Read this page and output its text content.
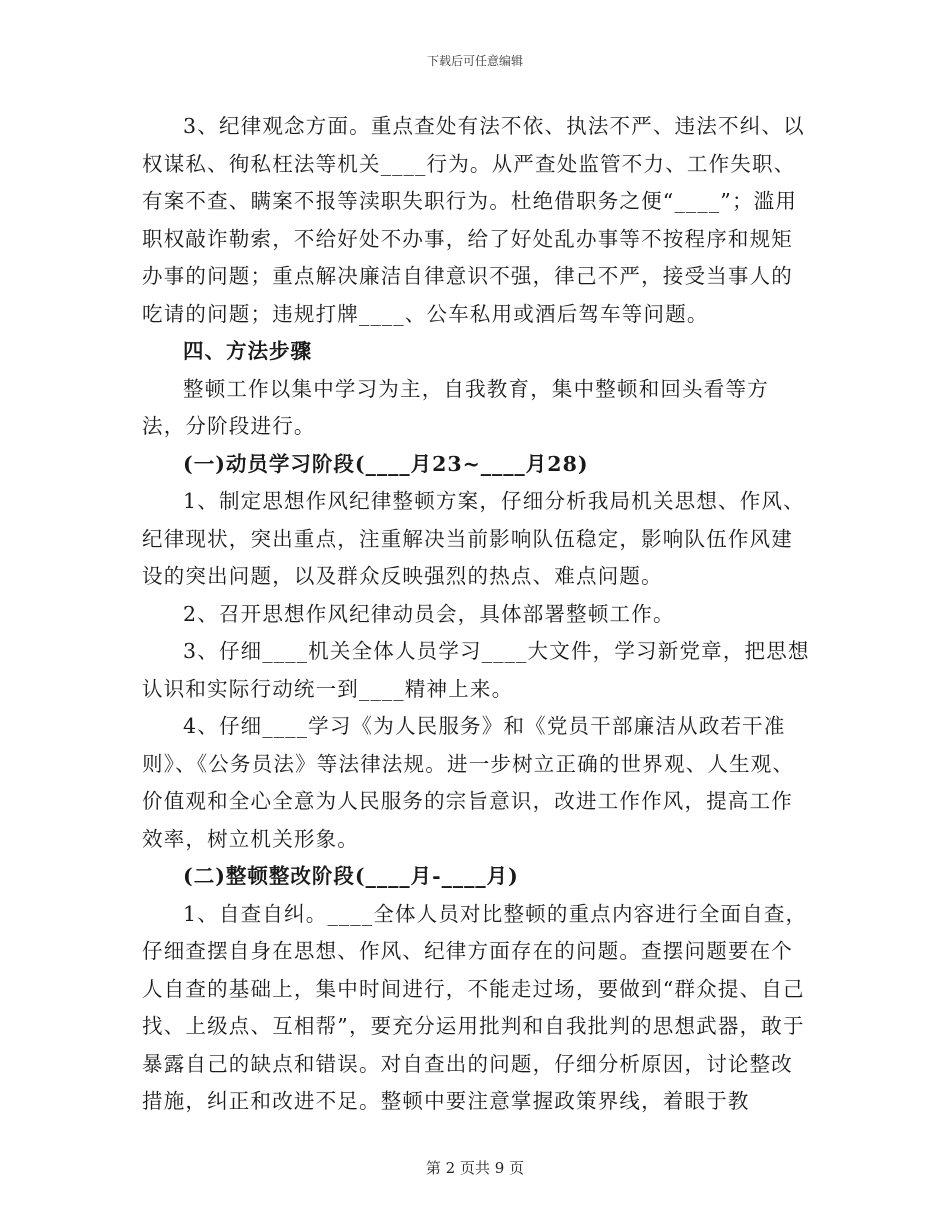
下载后可任意编辑

3、纪律观念方面。重点查处有法不依、执法不严、违法不纠、以权谋私、徇私枉法等机关____行为。从严查处监管不力、工作失职、有案不查、瞒案不报等渎职失职行为。杜绝借职务之便“____”；滥用职权敲诈勒索，不给好处不办事，给了好处乱办事等不按程序和规矩办事的问题；重点解决廉洁自律意识不强，律己不严，接受当事人的吃请的问题；违规打牌____、公车私用或酒后驾车等问题。

四、方法步骤

整顿工作以集中学习为主，自我教育，集中整顿和回头看等方法，分阶段进行。

(一)动员学习阶段(____月23~____月28)

1、制定思想作风纪律整顿方案，仔细分析我局机关思想、作风、纪律现状，突出重点，注重解决当前影响队伍稳定，影响队伍作风建设的突出问题，以及群众反映强烈的热点、难点问题。

2、召开思想作风纪律动员会，具体部署整顿工作。

3、仔细____机关全体人员学习____大文件，学习新党章，把思想认识和实际行动统一到____精神上来。

4、仔细____学习《为人民服务》和《党员干部廉洁从政若干准则》、《公务员法》等法律法规。进一步树立正确的世界观、人生观、价值观和全心全意为人民服务的宗旨意识，改进工作作风，提高工作效率，树立机关形象。

(二)整顿整改阶段(____月-____月)

1、自查自纠。____全体人员对比整顿的重点内容进行全面自查，仔细查摆自身在思想、作风、纪律方面存在的问题。查摆问题要在个人自查的基础上，集中时间进行，不能走过场，要做到“群众提、自己找、上级点、互相帮”，要充分运用批判和自我批判的思想武器，敢于暴露自己的缺点和错误。对自查出的问题，仔细分析原因，讨论整改措施，纠正和改进不足。整顿中要注意掌握政策界线，着眼于教

第 2 页共 9 页
